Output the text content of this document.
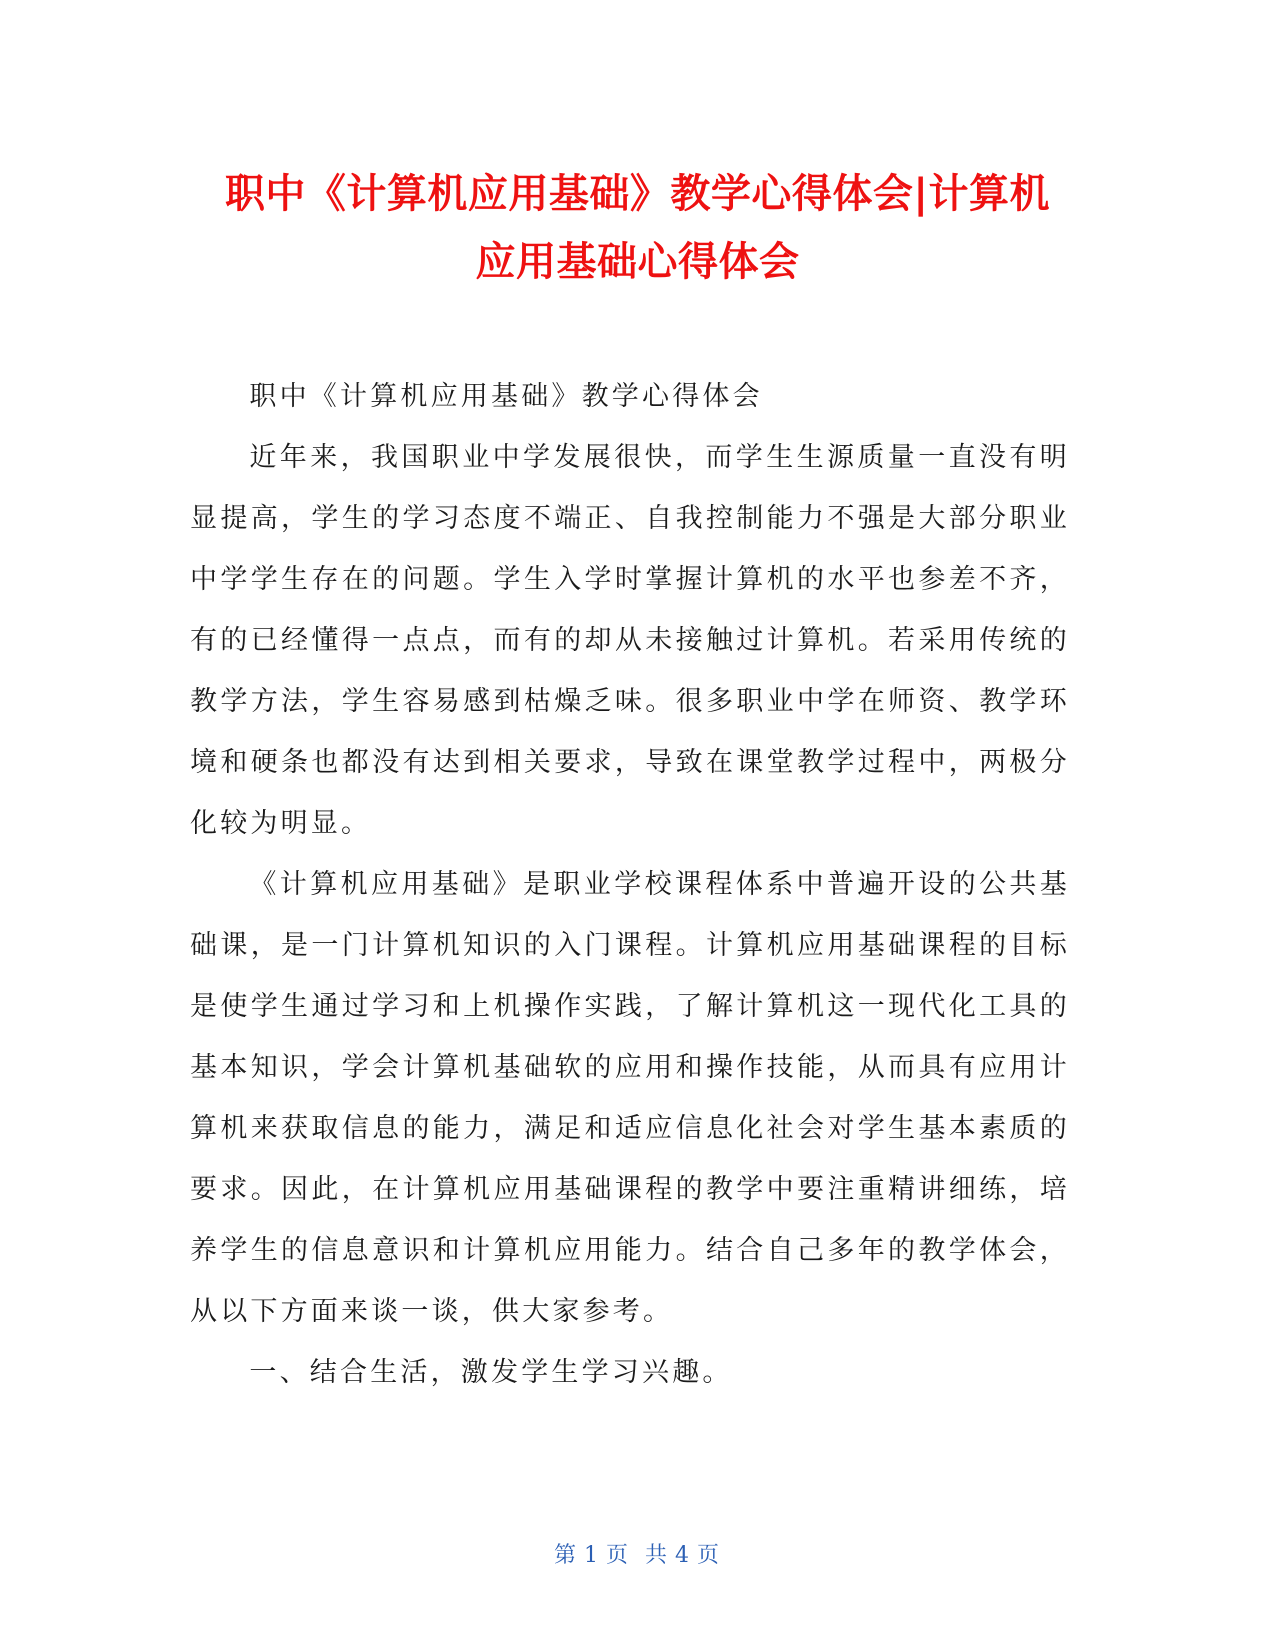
职中《计算机应用基础》教学心得体会|计算机
应用基础心得体会

职中《计算机应用基础》教学心得体会

近年来，我国职业中学发展很快，而学生生源质量一直没有明显提高，学生的学习态度不端正、自我控制能力不强是大部分职业中学学生存在的问题。学生入学时掌握计算机的水平也参差不齐，有的已经懂得一点点，而有的却从未接触过计算机。若采用传统的教学方法，学生容易感到枯燥乏味。很多职业中学在师资、教学环境和硬条也都没有达到相关要求，导致在课堂教学过程中，两极分化较为明显。

《计算机应用基础》是职业学校课程体系中普遍开设的公共基础课，是一门计算机知识的入门课程。计算机应用基础课程的目标是使学生通过学习和上机操作实践，了解计算机这一现代化工具的基本知识，学会计算机基础软的应用和操作技能，从而具有应用计算机来获取信息的能力，满足和适应信息化社会对学生基本素质的要求。因此，在计算机应用基础课程的教学中要注重精讲细练，培养学生的信息意识和计算机应用能力。结合自己多年的教学体会，从以下方面来谈一谈，供大家参考。

一、结合生活，激发学生学习兴趣。

第 1 页 共 4 页
